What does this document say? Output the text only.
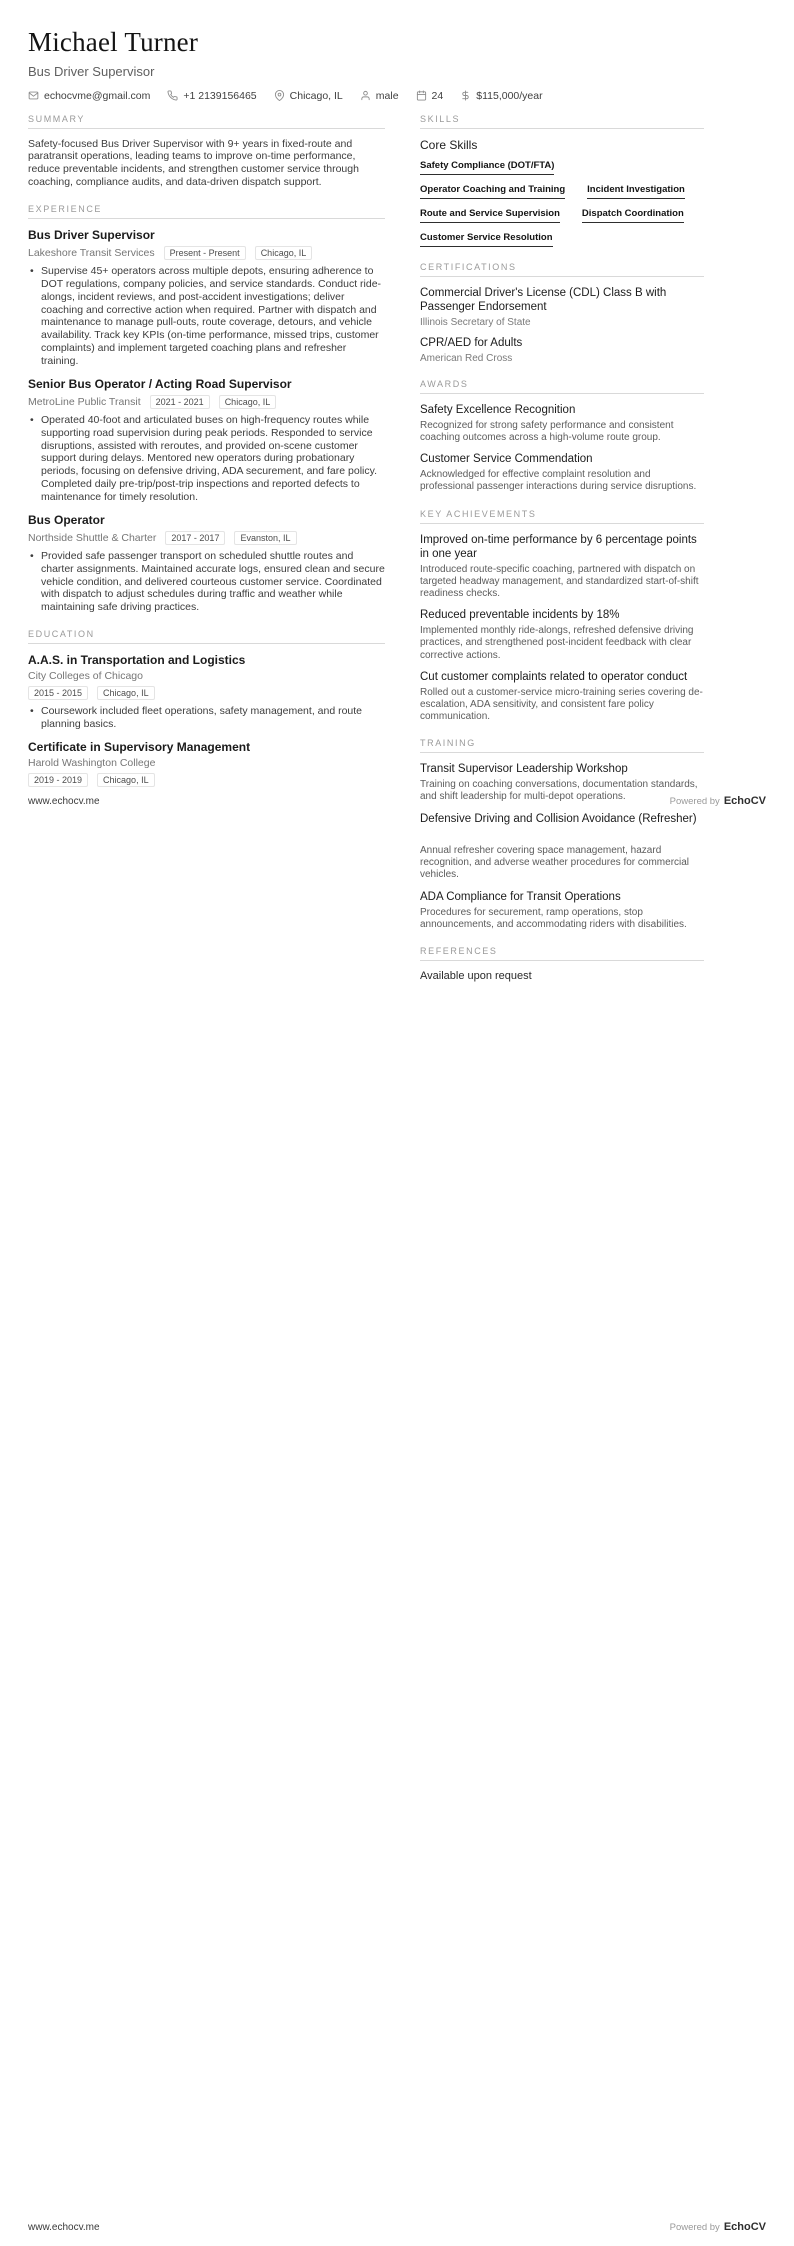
Michael Turner
Bus Driver Supervisor
echocvme@gmail.com	+1 2139156465	Chicago, IL	male	24	$115,000/year
SUMMARY

Safety-focused Bus Driver Supervisor with 9+ years in fixed-route and paratransit operations, leading teams to improve on-time performance, reduce preventable incidents, and strengthen customer service through coaching, compliance audits, and data-driven dispatch support.

EXPERIENCE
Bus Driver Supervisor
Lakeshore Transit Services	Present - Present	Chicago, IL
• Supervise 45+ operators across multiple depots, ensuring adherence to DOT regulations, company policies, and service standards. Conduct ride-alongs, incident reviews, and post-accident investigations; deliver coaching and corrective action when required. Partner with dispatch and maintenance to manage pull-outs, route coverage, detours, and vehicle availability. Track key KPIs (on-time performance, missed trips, customer complaints) and implement targeted coaching plans and refresher training.
Senior Bus Operator / Acting Road Supervisor
MetroLine Public Transit	2021 - 2021	Chicago, IL
• Operated 40-foot and articulated buses on high-frequency routes while supporting road supervision during peak periods. Responded to service disruptions, assisted with reroutes, and provided on-scene customer support during delays. Mentored new operators during probationary periods, focusing on defensive driving, ADA securement, and fare policy. Completed daily pre-trip/post-trip inspections and reported defects to maintenance for timely resolution.
Bus Operator
Northside Shuttle & Charter	2017 - 2017	Evanston, IL
• Provided safe passenger transport on scheduled shuttle routes and charter assignments. Maintained accurate logs, ensured clean and secure vehicle condition, and delivered courteous customer service. Coordinated with dispatch to adjust schedules during traffic and weather while maintaining safe driving practices.
EDUCATION
A.A.S. in Transportation and Logistics
City Colleges of Chicago
2015 - 2015	Chicago, IL
• Coursework included fleet operations, safety management, and route planning basics.
Certificate in Supervisory Management
Harold Washington College
2019 - 2019	Chicago, IL
SKILLS
Core Skills
Safety Compliance (DOT/FTA)
Operator Coaching and Training Incident Investigation
Route and Service Supervision Dispatch Coordination
Customer Service Resolution
CERTIFICATIONS
Commercial Driver's License (CDL) Class B with Passenger Endorsement
Illinois Secretary of State
CPR/AED for Adults
American Red Cross
AWARDS
Safety Excellence Recognition

Recognized for strong safety performance and consistent coaching outcomes across a high-volume route group.

Customer Service Commendation

Acknowledged for effective complaint resolution and professional passenger interactions during service disruptions.

KEY ACHIEVEMENTS
Improved on-time performance by 6 percentage points in one year

Introduced route-specific coaching, partnered with dispatch on targeted headway management, and standardized start-of-shift readiness checks.

Reduced preventable incidents by 18%

Implemented monthly ride-alongs, refreshed defensive driving practices, and strengthened post-incident feedback with clear corrective actions.

Cut customer complaints related to operator conduct

Rolled out a customer-service micro-training series covering de-escalation, ADA sensitivity, and consistent fare policy communication.

TRAINING
Transit Supervisor Leadership Workshop

Training on coaching conversations, documentation standards, and shift leadership for multi-depot operations.

Defensive Driving and Collision Avoidance (Refresher)
www.echocv.me	Powered by EchoCV

Annual refresher covering space management, hazard recognition, and adverse weather procedures for commercial vehicles.

ADA Compliance for Transit Operations

Procedures for securement, ramp operations, stop announcements, and accommodating riders with disabilities.

REFERENCES
Available upon request
www.echocv.me	Powered by EchoCV
